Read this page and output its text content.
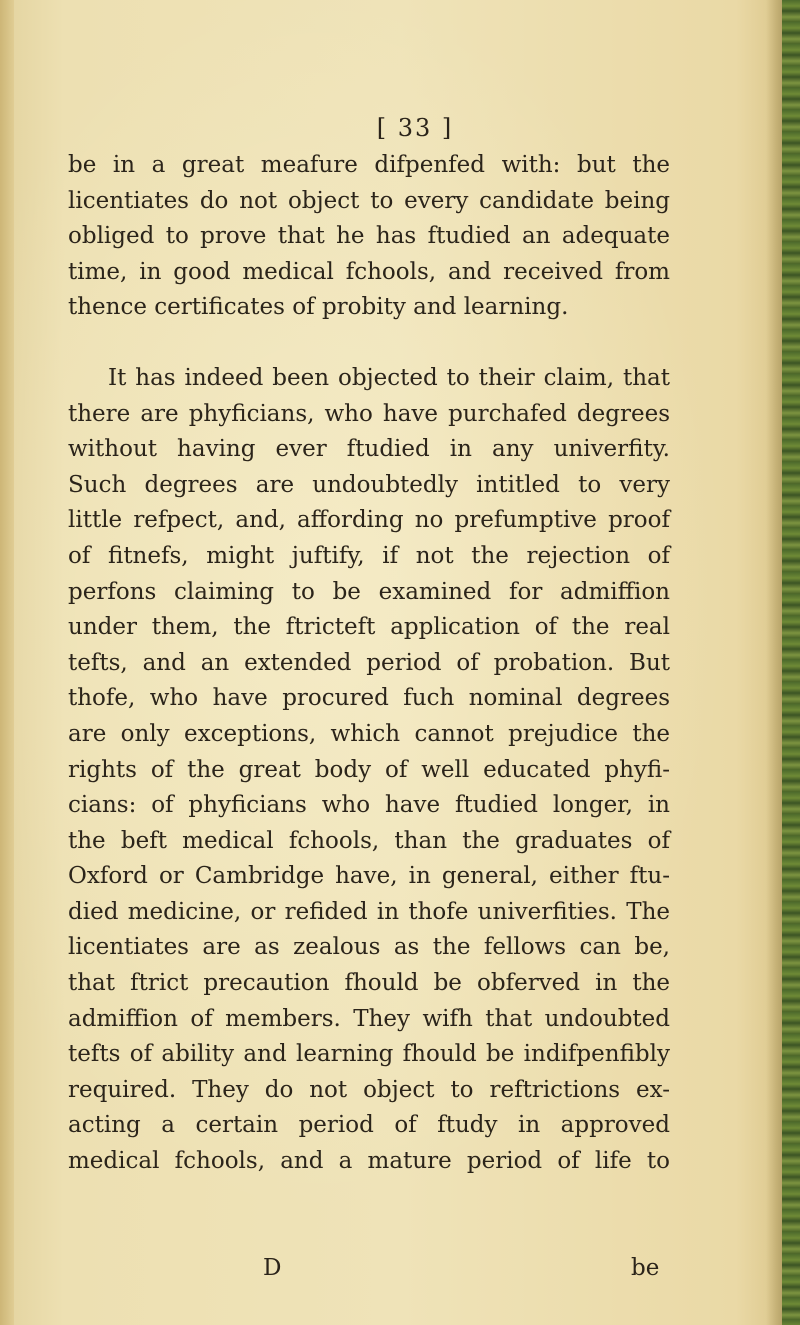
[ 33 ]
be in a great meafure difpenfed with: but the
licentiates do not object to every candidate being
obliged to prove that he has ftudied an adequate
time, in good medical fchools, and received from
thence certificates of probity and learning.
It has indeed been objected to their claim, that
there are phyficians, who have purchafed degrees
without having ever ftudied in any univerfity.
Such degrees are undoubtedly intitled to very
little refpect, and, affording no prefumptive proof
of fitnefs, might juftify, if not the rejection of
perfons claiming to be examined for admiffion
under them, the ftricteft application of the real
tefts, and an extended period of probation. But
thofe, who have procured fuch nominal degrees
are only exceptions, which cannot prejudice the
rights of the great body of well educated phyfi-
cians: of phyficians who have ftudied longer, in
the beft medical fchools, than the graduates of
Oxford or Cambridge have, in general, either ftu-
died medicine, or refided in thofe univerfities. The
licentiates are as zealous as the fellows can be,
that ftrict precaution fhould be obferved in the
admiffion of members. They wifh that undoubted
tefts of ability and learning fhould be indifpenfibly
required. They do not object to reftrictions ex-
acting a certain period of ftudy in approved
medical fchools, and a mature period of life to
D	be
